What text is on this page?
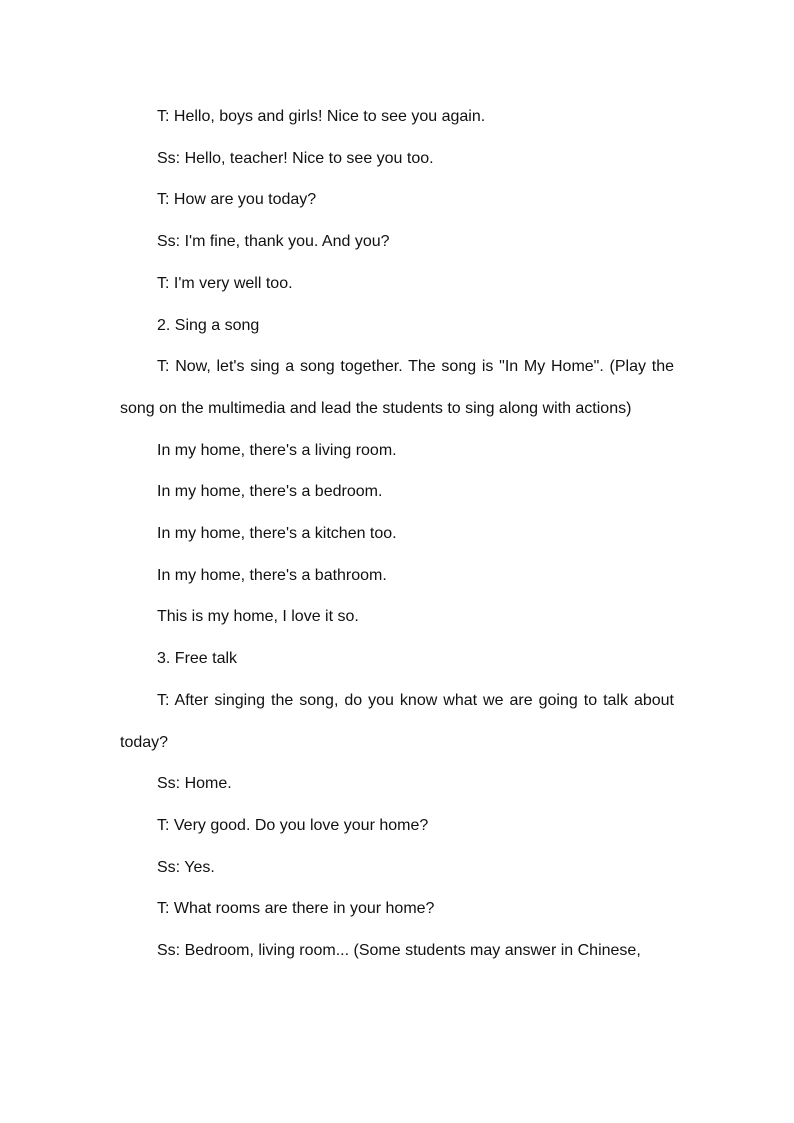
T: Hello, boys and girls! Nice to see you again.

Ss: Hello, teacher! Nice to see you too.

T: How are you today?

Ss: I'm fine, thank you. And you?

T: I'm very well too.

2. Sing a song

T: Now, let's sing a song together. The song is "In My Home". (Play the song on the multimedia and lead the students to sing along with actions)

In my home, there's a living room.

In my home, there's a bedroom.

In my home, there's a kitchen too.

In my home, there's a bathroom.

This is my home, I love it so.

3. Free talk

T: After singing the song, do you know what we are going to talk about today?

Ss: Home.

T: Very good. Do you love your home?

Ss: Yes.

T: What rooms are there in your home?

Ss: Bedroom, living room... (Some students may answer in Chinese,
